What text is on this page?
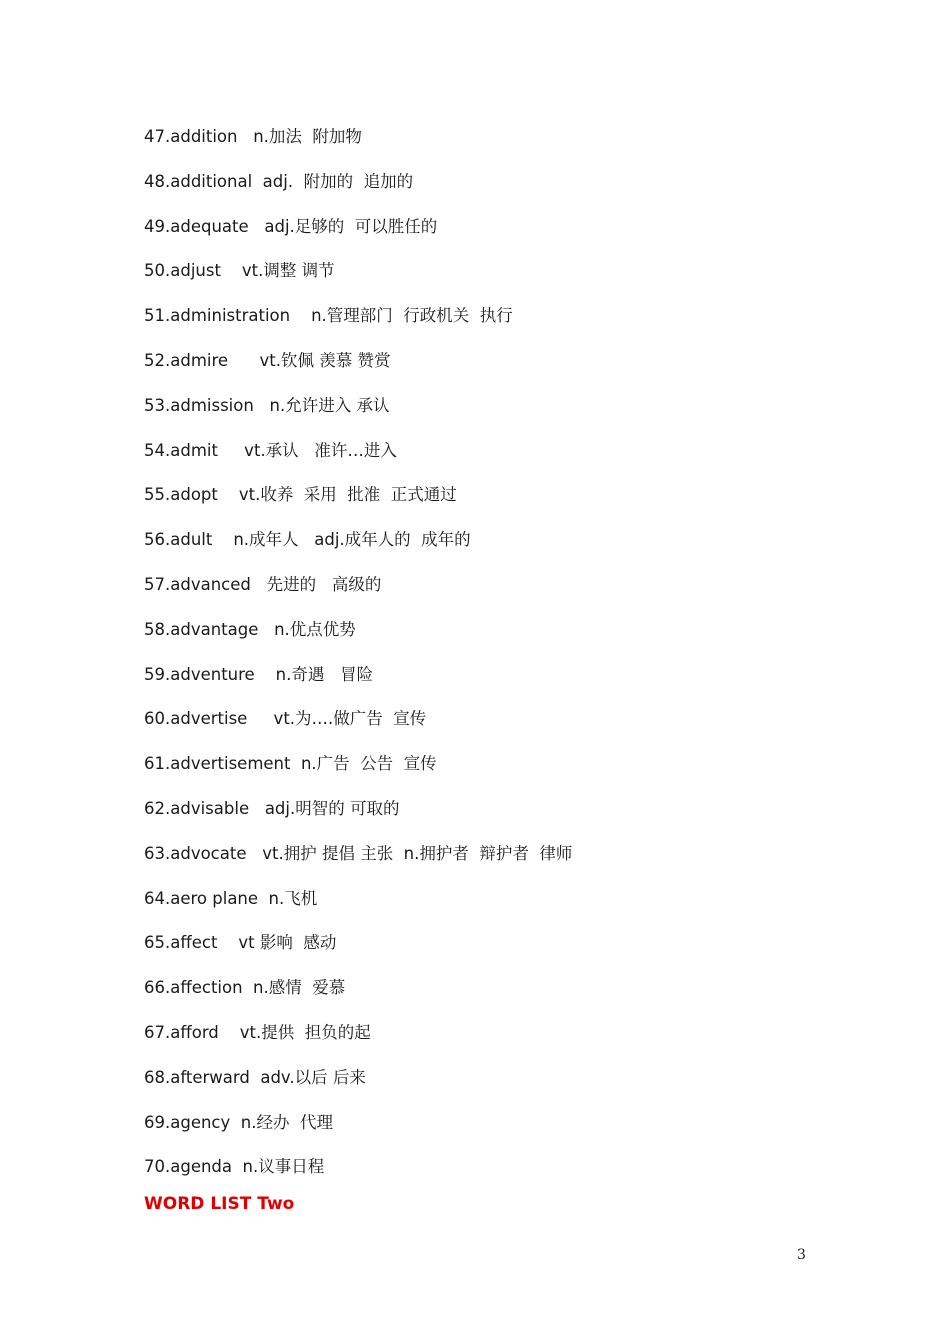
47.addition   n.加法  附加物
48.additional  adj.  附加的  追加的
49.adequate   adj.足够的  可以胜任的
50.adjust    vt.调整 调节
51.administration    n.管理部门  行政机关  执行
52.admire      vt.钦佩 羡慕 赞赏
53.admission   n.允许进入 承认
54.admit     vt.承认   准许…进入
55.adopt    vt.收养  采用  批准  正式通过
56.adult    n.成年人   adj.成年人的  成年的
57.advanced   先进的   高级的
58.advantage   n.优点优势
59.adventure    n.奇遇   冒险
60.advertise     vt.为….做广告  宣传
61.advertisement  n.广告  公告  宣传
62.advisable   adj.明智的 可取的
63.advocate   vt.拥护 提倡 主张  n.拥护者  辩护者  律师
64.aero plane  n.飞机
65.affect    vt 影响  感动
66.affection  n.感情  爱慕
67.afford    vt.提供  担负的起
68.afterward  adv.以后 后来
69.agency  n.经办  代理
70.agenda  n.议事日程
WORD LIST Two
3
